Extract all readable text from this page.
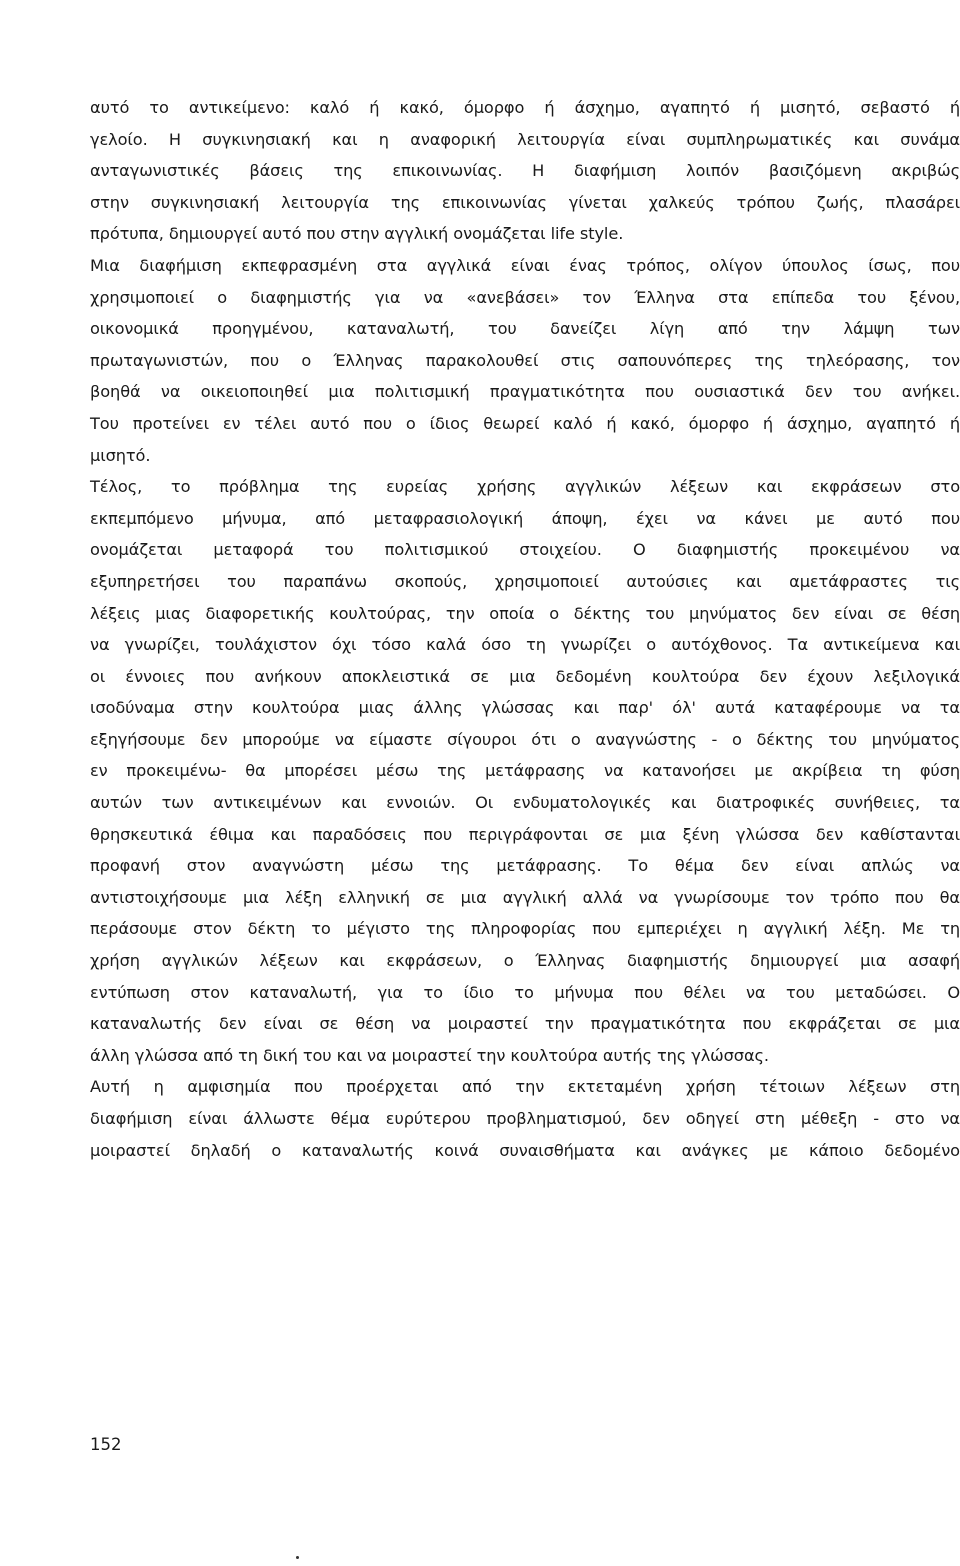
αυτό το αντικείμενο: καλό ή κακό, όμορφο ή άσχημο, αγαπητό ή μισητό, σεβαστό ή
γελοίο. Η συγκινησιακή και η αναφορική λειτουργία είναι συμπληρωματικές και συνάμα
ανταγωνιστικές βάσεις της επικοινωνίας. Η διαφήμιση λοιπόν βασιζόμενη ακριβώς
στην συγκινησιακή λειτουργία της επικοινωνίας γίνεται χαλκεύς τρόπου ζωής, πλασάρει
πρότυπα, δημιουργεί αυτό που στην αγγλική ονομάζεται life style.
Μια διαφήμιση εκπεφρασμένη στα αγγλικά είναι ένας τρόπος, ολίγον ύπουλος ίσως, που
χρησιμοποιεί ο διαφημιστής για να «ανεβάσει» τον Έλληνα στα επίπεδα του ξένου,
οικονομικά προηγμένου, καταναλωτή, του δανείζει λίγη από την λάμψη των
πρωταγωνιστών, που ο Έλληνας παρακολουθεί στις σαπουνόπερες της τηλεόρασης, τον
βοηθά να οικειοποιηθεί μια πολιτισμική πραγματικότητα που ουσιαστικά δεν του ανήκει.
Του προτείνει εν τέλει αυτό που ο ίδιος θεωρεί καλό ή κακό, όμορφο ή άσχημο, αγαπητό ή
μισητό.
Τέλος, το πρόβλημα της ευρείας χρήσης αγγλικών λέξεων και εκφράσεων στο
εκπεμπόμενο μήνυμα, από μεταφρασιολογική άποψη, έχει να κάνει με αυτό που
ονομάζεται μεταφορά του πολιτισμικού στοιχείου. Ο διαφημιστής προκειμένου να
εξυπηρετήσει του παραπάνω σκοπούς, χρησιμοποιεί αυτούσιες και αμετάφραστες τις
λέξεις μιας διαφορετικής κουλτούρας, την οποία ο δέκτης του μηνύματος δεν είναι σε θέση
να γνωρίζει, τουλάχιστον όχι τόσο καλά όσο τη γνωρίζει ο αυτόχθονος. Τα αντικείμενα και
οι έννοιες που ανήκουν αποκλειστικά σε μια δεδομένη κουλτούρα δεν έχουν λεξιλογικά
ισοδύναμα στην κουλτούρα μιας άλλης γλώσσας και παρ' όλ' αυτά καταφέρουμε να τα
εξηγήσουμε δεν μπορούμε να είμαστε σίγουροι ότι ο αναγνώστης - ο δέκτης του μηνύματος
εν προκειμένω- θα μπορέσει μέσω της μετάφρασης να κατανοήσει με ακρίβεια τη φύση
αυτών των αντικειμένων και εννοιών. Οι ενδυματολογικές και διατροφικές συνήθειες, τα
θρησκευτικά έθιμα και παραδόσεις που περιγράφονται σε μια ξένη γλώσσα δεν καθίστανται
προφανή στον αναγνώστη μέσω της μετάφρασης. Το θέμα δεν είναι απλώς να
αντιστοιχήσουμε μια λέξη ελληνική σε μια αγγλική αλλά να γνωρίσουμε τον τρόπο που θα
περάσουμε στον δέκτη το μέγιστο της πληροφορίας που εμπεριέχει η αγγλική λέξη. Με τη
χρήση αγγλικών λέξεων και εκφράσεων, ο Έλληνας διαφημιστής δημιουργεί μια ασαφή
εντύπωση στον καταναλωτή, για το ίδιο το μήνυμα που θέλει να του μεταδώσει. Ο
καταναλωτής δεν είναι σε θέση να μοιραστεί την πραγματικότητα που εκφράζεται σε μια
άλλη γλώσσα από τη δική του και να μοιραστεί την κουλτούρα αυτής της γλώσσας.
Αυτή η αμφισημία που προέρχεται από την εκτεταμένη χρήση τέτοιων λέξεων στη
διαφήμιση είναι άλλωστε θέμα ευρύτερου προβληματισμού, δεν οδηγεί στη μέθεξη - στο να
μοιραστεί δηλαδή ο καταναλωτής κοινά συναισθήματα και ανάγκες με κάποιο δεδομένο
152
